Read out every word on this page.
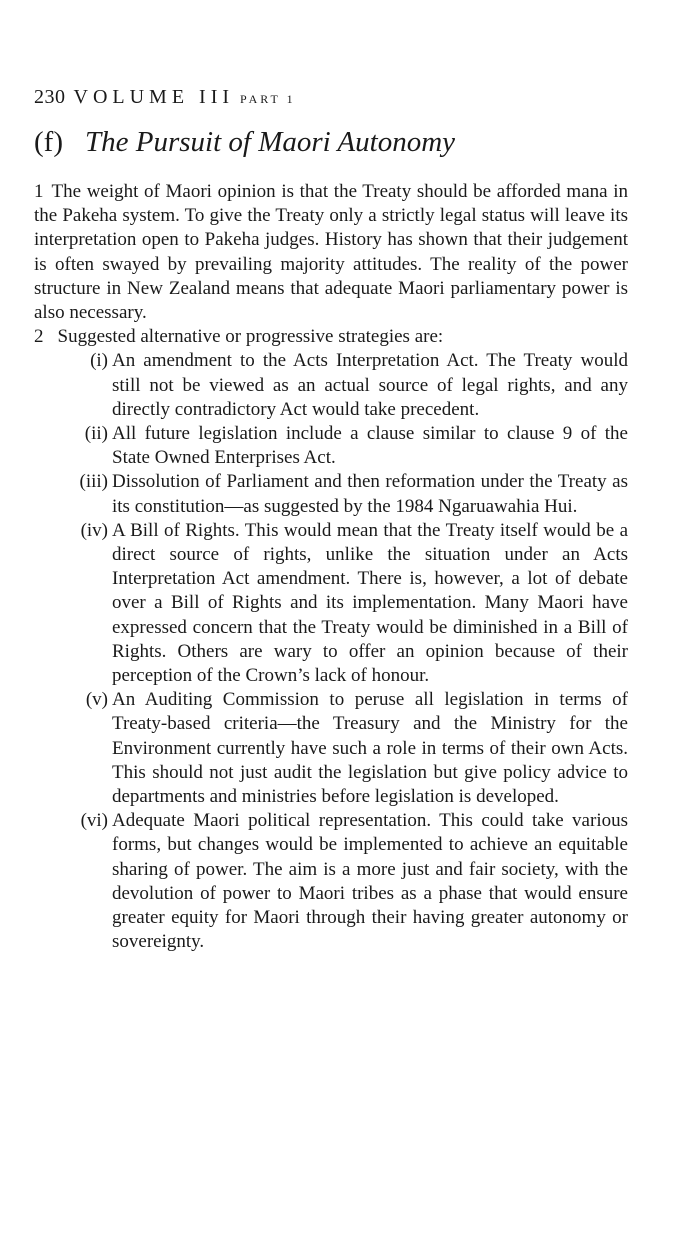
230 VOLUME III PART 1
(f) The Pursuit of Maori Autonomy

1 The weight of Maori opinion is that the Treaty should be afforded mana in the Pakeha system. To give the Treaty only a strictly legal status will leave its interpretation open to Pakeha judges. History has shown that their judgement is often swayed by prevailing majority attitudes. The reality of the power structure in New Zealand means that adequate Maori parliamentary power is also necessary.

2 Suggested alternative or progressive strategies are:

(i) An amendment to the Acts Interpretation Act. The Treaty would still not be viewed as an actual source of legal rights, and any directly contradictory Act would take precedent.
(ii) All future legislation include a clause similar to clause 9 of the State Owned Enterprises Act.
(iii) Dissolution of Parliament and then reformation under the Treaty as its constitution—as suggested by the 1984 Ngaruawahia Hui.
(iv) A Bill of Rights. This would mean that the Treaty itself would be a direct source of rights, unlike the situation under an Acts Interpretation Act amendment. There is, however, a lot of debate over a Bill of Rights and its implementation. Many Maori have expressed concern that the Treaty would be diminished in a Bill of Rights. Others are wary to offer an opinion because of their perception of the Crown’s lack of honour.
(v) An Auditing Commission to peruse all legislation in terms of Treaty-based criteria—the Treasury and the Ministry for the Environment currently have such a role in terms of their own Acts. This should not just audit the legislation but give policy advice to departments and ministries before legislation is developed.
(vi) Adequate Maori political representation. This could take various forms, but changes would be implemented to achieve an equitable sharing of power. The aim is a more just and fair society, with the devolution of power to Maori tribes as a phase that would ensure greater equity for Maori through their having greater autonomy or sovereignty.
